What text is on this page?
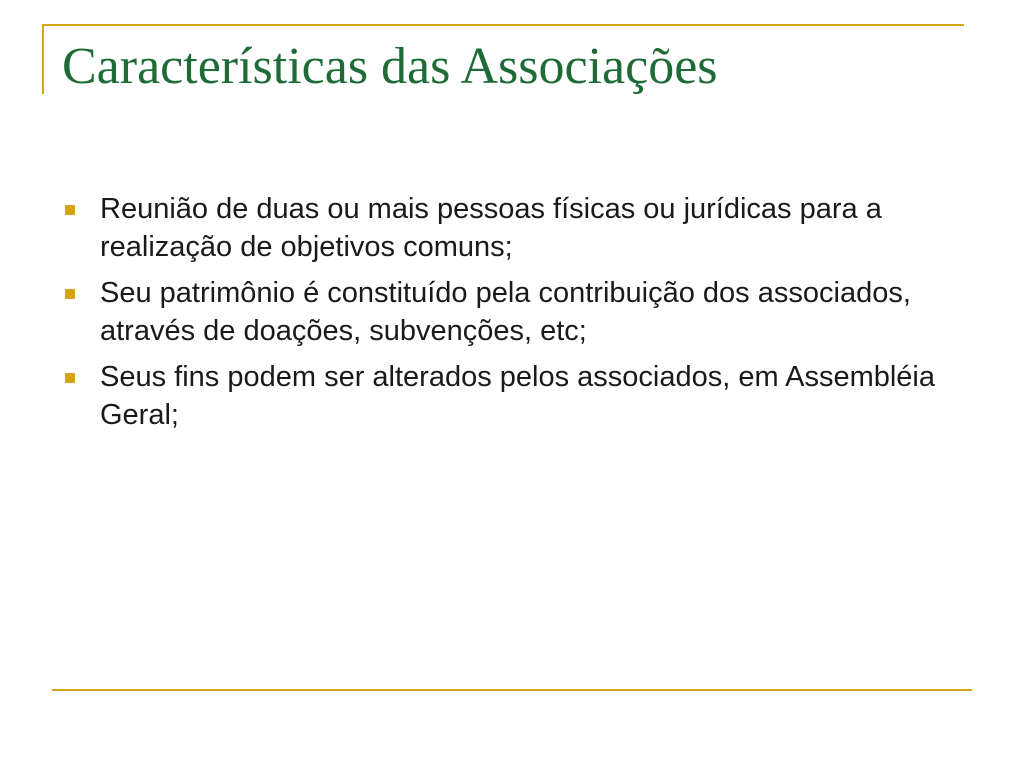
Características das Associações
Reunião de duas ou mais pessoas físicas ou jurídicas para a realização de objetivos comuns;
Seu patrimônio é constituído pela contribuição dos associados, através de doações, subvenções, etc;
Seus fins podem ser alterados pelos associados, em Assembléia Geral;
